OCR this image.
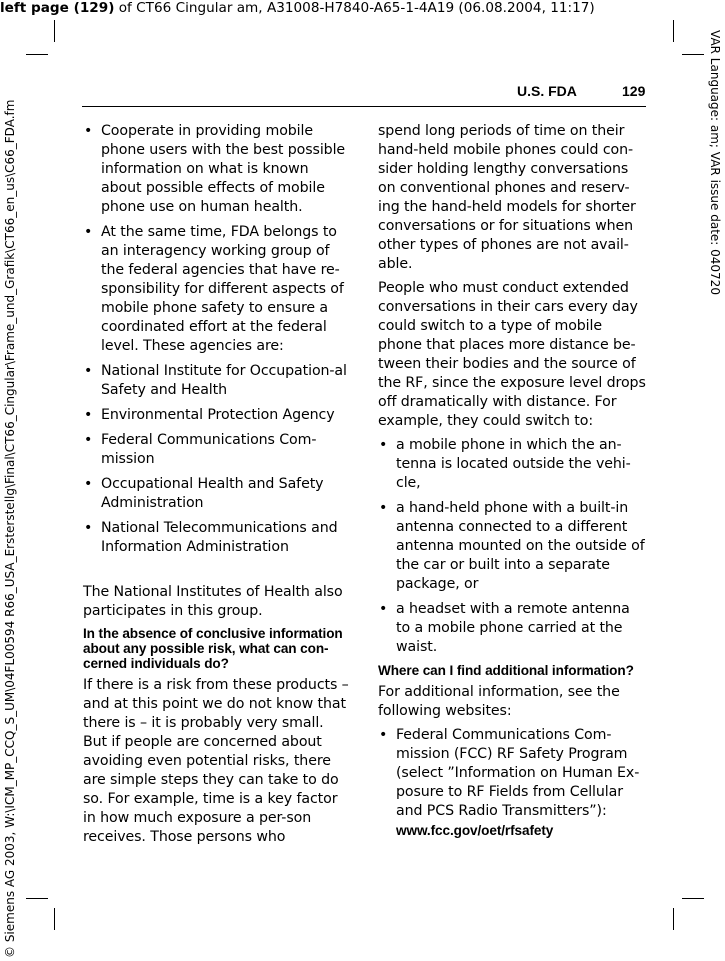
left page (129) of CT66 Cingular am, A31008-H7840-A65-1-4A19 (06.08.2004, 11:17)
VAR Language: am; VAR issue date: 040720
© Siemens AG 2003, W:\ICM_MP_CCQ_S_UM\04FL00594 R66_USA_Ersterstellg\Final\CT66_Cingular\Frame_und_Grafik\CT66_en_us\C66_FDA.fm
U.S. FDA	129
• Cooperate in providing mobile phone users with the best possible information on what is known about possible effects of mobile phone use on human health.
• At the same time, FDA belongs to an interagency working group of the federal agencies that have re-sponsibility for different aspects of mobile phone safety to ensure a coordinated effort at the federal level. These agencies are:
• National Institute for Occupation-al Safety and Health
• Environmental Protection Agency
• Federal Communications Com-mission
• Occupational Health and Safety Administration
• National Telecommunications and Information Administration

The National Institutes of Health also participates in this group.

In the absence of conclusive information about any possible risk, what can con-cerned individuals do?

If there is a risk from these products – and at this point we do not know that there is – it is probably very small. But if people are concerned about avoiding even potential risks, there are simple steps they can take to do so. For example, time is a key factor in how much exposure a per-son receives. Those persons who

spend long periods of time on their hand-held mobile phones could con-sider holding lengthy conversations on conventional phones and reserv-ing the hand-held models for shorter conversations or for situations when other types of phones are not avail-able.

People who must conduct extended conversations in their cars every day could switch to a type of mobile phone that places more distance be-tween their bodies and the source of the RF, since the exposure level drops off dramatically with distance. For example, they could switch to:

• a mobile phone in which the an-tenna is located outside the vehi-cle,
• a hand-held phone with a built-in antenna connected to a different antenna mounted on the outside of the car or built into a separate package, or
• a headset with a remote antenna to a mobile phone carried at the waist.
Where can I find additional information?

For additional information, see the following websites:

• Federal Communications Com-mission (FCC) RF Safety Program (select ”Information on Human Ex-posure to RF Fields from Cellular and PCS Radio Transmitters”):
www.fcc.gov/oet/rfsafety
